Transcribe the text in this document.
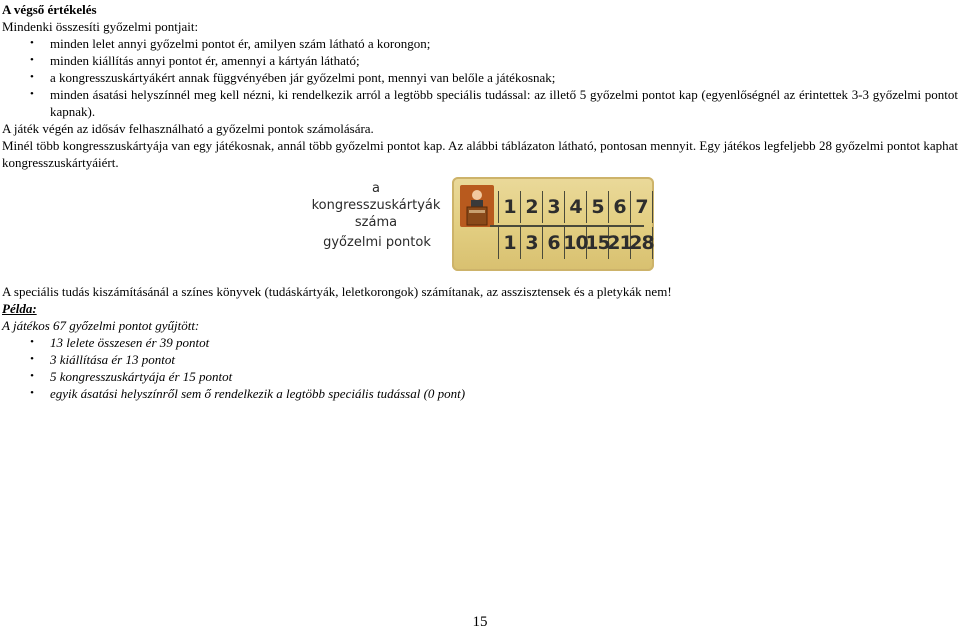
A végső értékelés
Mindenki összesíti győzelmi pontjait:
• minden lelet annyi győzelmi pontot ér, amilyen szám látható a korongon;
• minden kiállítás annyi pontot ér, amennyi a kártyán látható;
• a kongresszuskártyákért annak függvényében jár győzelmi pont, mennyi van belőle a játékosnak;
• minden ásatási helyszínnél meg kell nézni, ki rendelkezik arról a legtöbb speciális tudással: az illető 5 győzelmi pontot kap (egyenlőségnél az érintettek 3-3 győzelmi pontot kapnak).
A játék végén az idősáv felhasználható a győzelmi pontok számolására.
Minél több kongresszuskártyája van egy játékosnak, annál több győzelmi pontot kap. Az alábbi táblázaton látható, pontosan mennyit. Egy játékos legfeljebb 28 győzelmi pontot kaphat kongresszuskártyáiért.
a kongresszuskártyák
száma
győzelmi pontok
1 2 3 4 5 6 7
1 3 6 10
15
21
28
A speciális tudás kiszámításánál a színes könyvek (tudáskártyák, leletkorongok) számítanak, az asszisztensek és a pletykák nem!
Példa:
A játékos 67 győzelmi pontot gyűjtött:
• 13 lelete összesen ér 39 pontot
• 3 kiállítása ér 13 pontot
• 5 kongresszuskártyája ér 15 pontot
• egyik ásatási helyszínről sem ő rendelkezik a legtöbb speciális tudással (0 pont)
15
